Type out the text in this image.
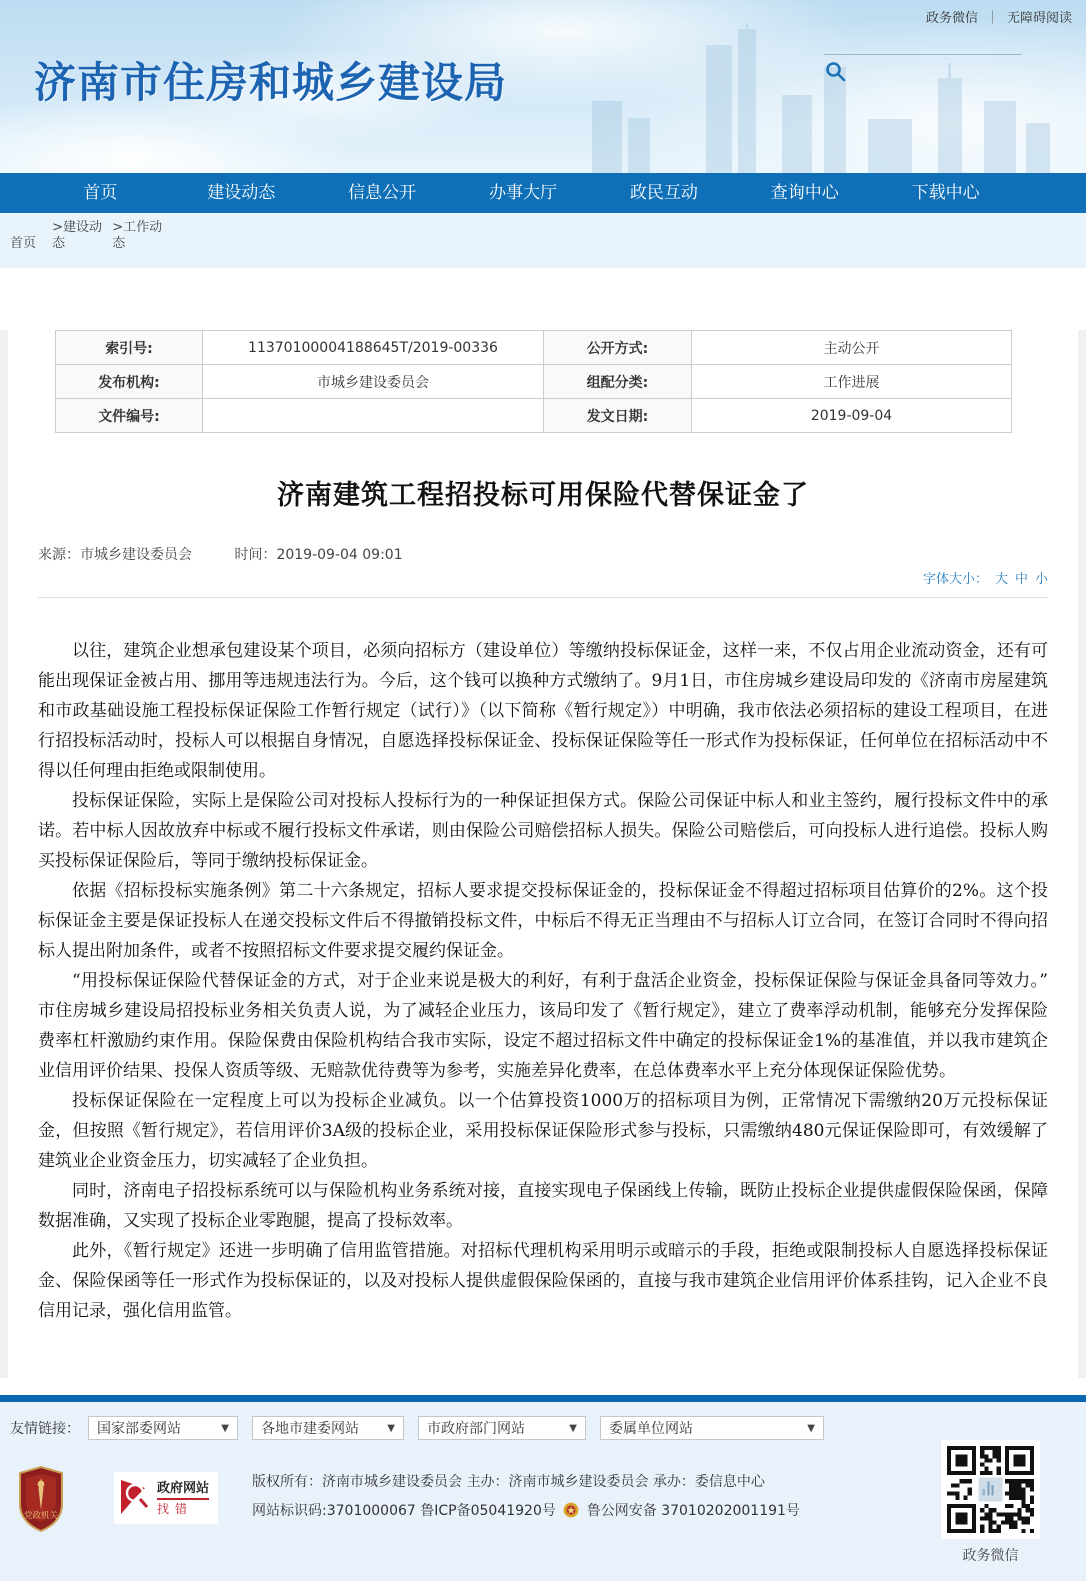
政务微信 ｜ 无障碍阅读
济南市住房和城乡建设局
首页	建设动态	信息公开	办事大厅	政民互动	查询中心	下载中心
首页 >建设动态 >工作动态
索引号:	11370100004188645T/2019-00336	公开方式:	主动公开
发布机构:	市城乡建设委员会	组配分类:	工作进展
文件编号:		发文日期:	2019-09-04
济南建筑工程招投标可用保险代替保证金了
来源：市城乡建设委员会	时间：2019-09-04 09:01
字体大小： 大 中 小

以往，建筑企业想承包建设某个项目，必须向招标方（建设单位）等缴纳投标保证金，这样一来，不仅占用企业流动资金，还有可能出现保证金被占用、挪用等违规违法行为。今后，这个钱可以换种方式缴纳了。9月1日，市住房城乡建设局印发的《济南市房屋建筑和市政基础设施工程投标保证保险工作暂行规定（试行）》（以下简称《暂行规定》）中明确，我市依法必须招标的建设工程项目，在进行招投标活动时，投标人可以根据自身情况，自愿选择投标保证金、投标保证保险等任一形式作为投标保证，任何单位在招标活动中不得以任何理由拒绝或限制使用。

投标保证保险，实际上是保险公司对投标人投标行为的一种保证担保方式。保险公司保证中标人和业主签约，履行投标文件中的承诺。若中标人因故放弃中标或不履行投标文件承诺，则由保险公司赔偿招标人损失。保险公司赔偿后，可向投标人进行追偿。投标人购买投标保证保险后，等同于缴纳投标保证金。

依据《招标投标实施条例》第二十六条规定，招标人要求提交投标保证金的，投标保证金不得超过招标项目估算价的2%。这个投标保证金主要是保证投标人在递交投标文件后不得撤销投标文件，中标后不得无正当理由不与招标人订立合同，在签订合同时不得向招标人提出附加条件，或者不按照招标文件要求提交履约保证金。

“用投标保证保险代替保证金的方式，对于企业来说是极大的利好，有利于盘活企业资金，投标保证保险与保证金具备同等效力。” 市住房城乡建设局招投标业务相关负责人说，为了减轻企业压力，该局印发了《暂行规定》，建立了费率浮动机制，能够充分发挥保险费率杠杆激励约束作用。保险保费由保险机构结合我市实际，设定不超过招标文件中确定的投标保证金1%的基准值，并以我市建筑企业信用评价结果、投保人资质等级、无赔款优待费等为参考，实施差异化费率，在总体费率水平上充分体现保证保险优势。

投标保证保险在一定程度上可以为投标企业减负。以一个估算投资1000万的招标项目为例，正常情况下需缴纳20万元投标保证金，但按照《暂行规定》，若信用评价3A级的投标企业，采用投标保证保险形式参与投标，只需缴纳480元保证保险即可，有效缓解了建筑业企业资金压力，切实减轻了企业负担。

同时，济南电子招投标系统可以与保险机构业务系统对接，直接实现电子保函线上传输，既防止投标企业提供虚假保险保函，保障数据准确，又实现了投标企业零跑腿，提高了投标效率。

此外，《暂行规定》还进一步明确了信用监管措施。对招标代理机构采用明示或暗示的手段，拒绝或限制投标人自愿选择投标保证金、保险保函等任一形式作为投标保证的，以及对投标人提供虚假保险保函的，直接与我市建筑企业信用评价体系挂钩，记入企业不良信用记录，强化信用监管。

友情链接： 国家部委网站	▼ 各地市建委网站	▼ 市政府部门网站	▼ 委属单位网站	▼
党政机关
政府网站
找错
版权所有：济南市城乡建设委员会 主办：济南市城乡建设委员会 承办：委信息中心
网站标识码:3701000067 鲁ICP备05041920号 鲁公网安备 37010202001191号
政务微信
